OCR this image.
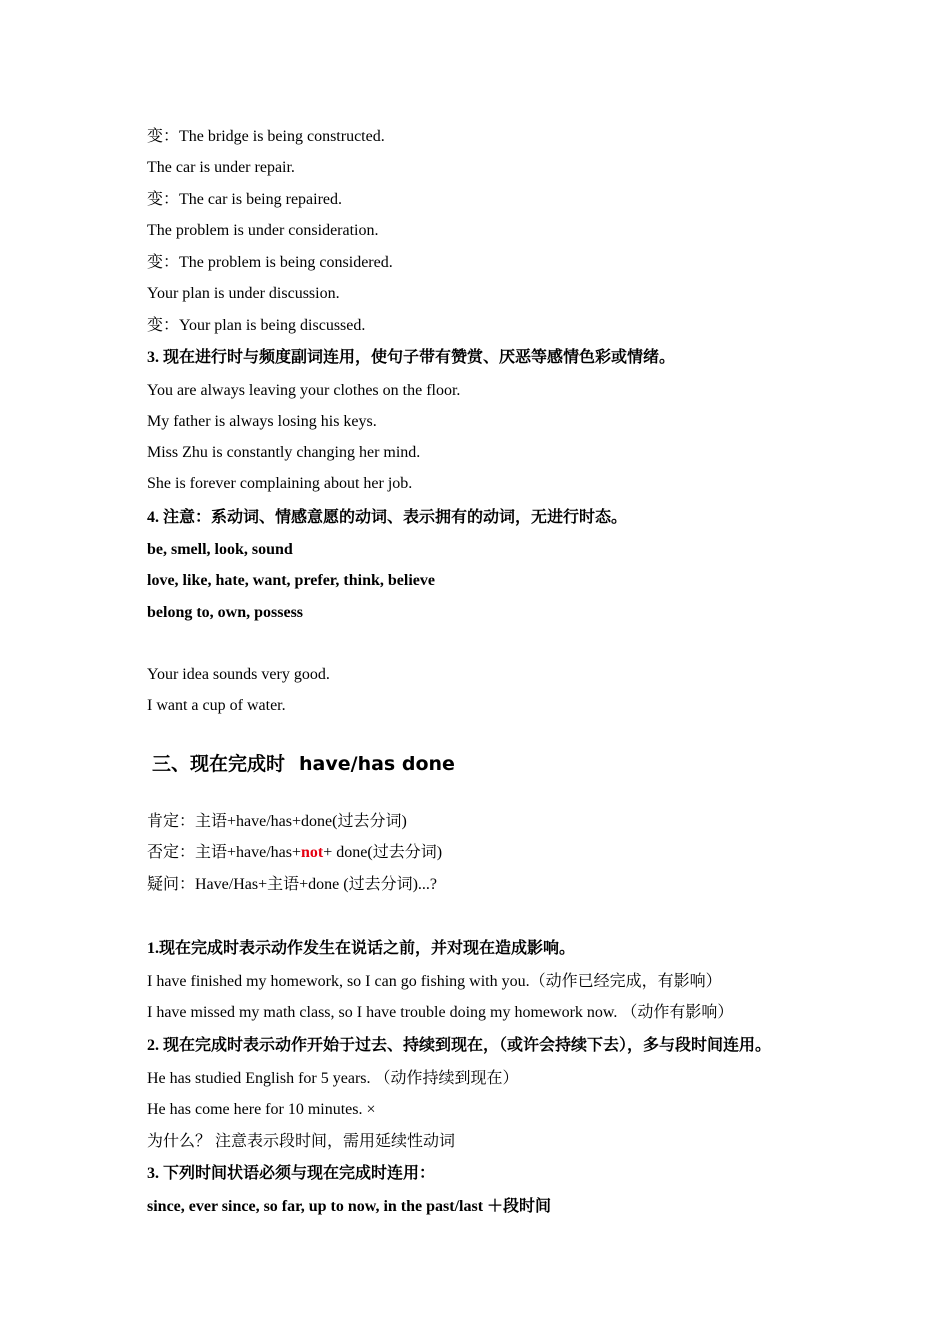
变：The bridge is being constructed.
The car is under repair.
变：The car is being repaired.
The problem is under consideration.
变：The problem is being considered.
Your plan is under discussion.
变：Your plan is being discussed.
3. 现在进行时与频度副词连用，使句子带有赞赏、厌恶等感情色彩或情绪。
You are always leaving your clothes on the floor.
My father is always losing his keys.
Miss Zhu is constantly changing her mind.
She is forever complaining about her job.
4. 注意：系动词、情感意愿的动词、表示拥有的动词，无进行时态。
be, smell, look, sound
love, like, hate, want, prefer, think, believe
belong to, own, possess
Your idea sounds very good.
I want a cup of water.
三、现在完成时 have/has done
肯定：主语+have/has+done(过去分词)
否定：主语+have/has+not+ done(过去分词)
疑问：Have/Has+主语+done (过去分词)...?
1.现在完成时表示动作发生在说话之前，并对现在造成影响。
I have finished my homework, so I can go fishing with you.（动作已经完成，有影响）
I have missed my math class, so I have trouble doing my homework now. （动作有影响）
2. 现在完成时表示动作开始于过去、持续到现在，（或许会持续下去），多与段时间连用。
He has studied English for 5 years. （动作持续到现在）
He has come here for 10 minutes. ×
为什么？ 注意表示段时间，需用延续性动词
3. 下列时间状语必须与现在完成时连用：
since, ever since, so far, up to now, in the past/last ＋段时间
